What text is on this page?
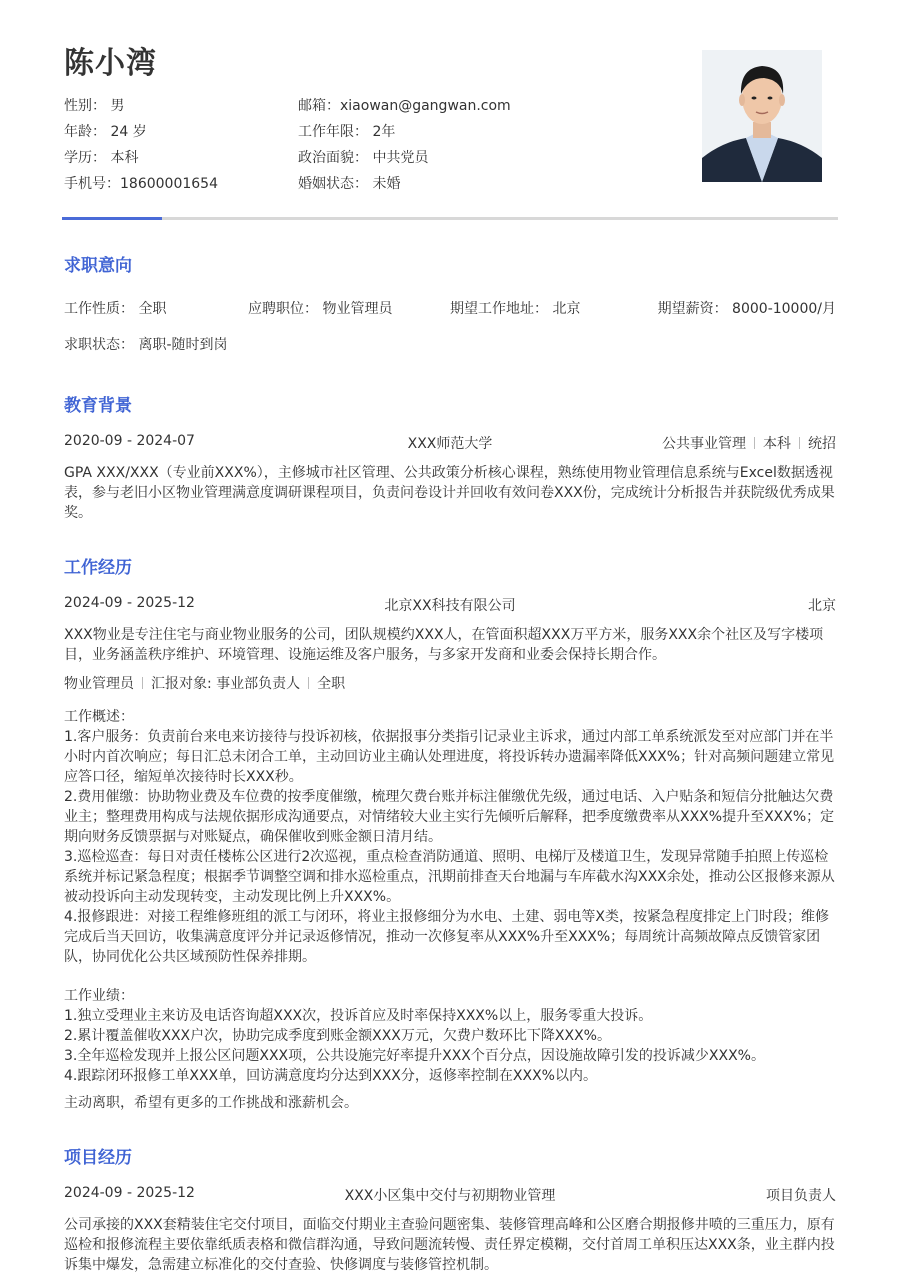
陈小湾
性别： 男
年龄： 24 岁
学历： 本科
手机号：18600001654
邮箱：xiaowan@gangwan.com
工作年限： 2年
政治面貌： 中共党员
婚姻状态： 未婚
求职意向
工作性质： 全职	应聘职位： 物业管理员	期望工作地址： 北京	期望薪资： 8000-10000/月
求职状态： 离职-随时到岗
教育背景
2020-09 - 2024-07	XXX师范大学	公共事业管理 本科 统招
GPA XXX/XXX（专业前XXX%），主修城市社区管理、公共政策分析核心课程，熟练使用物业管理信息系统与Excel数据透视
表，参与老旧小区物业管理满意度调研课程项目，负责问卷设计并回收有效问卷XXX份，完成统计分析报告并获院级优秀成果
奖。
工作经历
2024-09 - 2025-12	北京XX科技有限公司	北京
XXX物业是专注住宅与商业物业服务的公司，团队规模约XXX人，在管面积超XXX万平方米，服务XXX余个社区及写字楼项
目，业务涵盖秩序维护、环境管理、设施运维及客户服务，与多家开发商和业委会保持长期合作。
物业管理员 汇报对象: 事业部负责人 全职
工作概述：
1.客户服务：负责前台来电来访接待与投诉初核，依据报事分类指引记录业主诉求，通过内部工单系统派发至对应部门并在半
小时内首次响应；每日汇总未闭合工单，主动回访业主确认处理进度，将投诉转办遗漏率降低XXX%；针对高频问题建立常见
应答口径，缩短单次接待时长XXX秒。
2.费用催缴：协助物业费及车位费的按季度催缴，梳理欠费台账并标注催缴优先级，通过电话、入户贴条和短信分批触达欠费
业主；整理费用构成与法规依据形成沟通要点，对情绪较大业主实行先倾听后解释，把季度缴费率从XXX%提升至XXX%；定
期向财务反馈票据与对账疑点，确保催收到账金额日清月结。
3.巡检巡查：每日对责任楼栋公区进行2次巡视，重点检查消防通道、照明、电梯厅及楼道卫生，发现异常随手拍照上传巡检
系统并标记紧急程度；根据季节调整空调和排水巡检重点，汛期前排查天台地漏与车库截水沟XXX余处，推动公区报修来源从
被动投诉向主动发现转变，主动发现比例上升XXX%。
4.报修跟进：对接工程维修班组的派工与闭环，将业主报修细分为水电、土建、弱电等X类，按紧急程度排定上门时段；维修
完成后当天回访，收集满意度评分并记录返修情况，推动一次修复率从XXX%升至XXX%；每周统计高频故障点反馈管家团
队，协同优化公共区域预防性保养排期。
工作业绩：
1.独立受理业主来访及电话咨询超XXX次，投诉首应及时率保持XXX%以上，服务零重大投诉。
2.累计覆盖催收XXX户次，协助完成季度到账金额XXX万元，欠费户数环比下降XXX%。
3.全年巡检发现并上报公区问题XXX项，公共设施完好率提升XXX个百分点，因设施故障引发的投诉减少XXX%。
4.跟踪闭环报修工单XXX单，回访满意度均分达到XXX分，返修率控制在XXX%以内。
主动离职，希望有更多的工作挑战和涨薪机会。
项目经历
2024-09 - 2025-12	XXX小区集中交付与初期物业管理	项目负责人
公司承接的XXX套精装住宅交付项目，面临交付期业主查验问题密集、装修管理高峰和公区磨合期报修井喷的三重压力，原有
巡检和报修流程主要依靠纸质表格和微信群沟通，导致问题流转慢、责任界定模糊，交付首周工单积压达XXX条，业主群内投
诉集中爆发，急需建立标准化的交付查验、快修调度与装修管控机制。
